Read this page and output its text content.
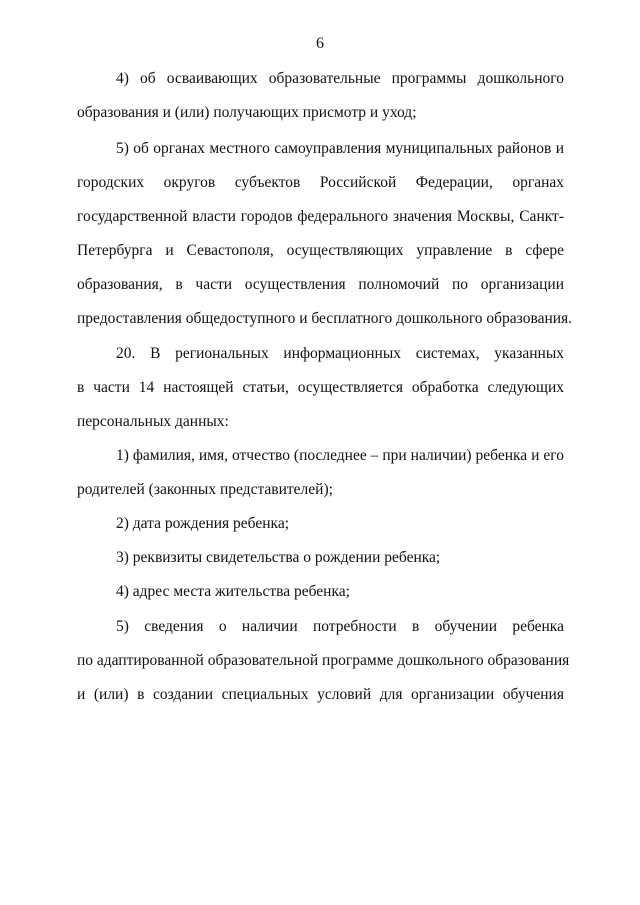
6
4) об осваивающих образовательные программы дошкольного
образования и (или) получающих присмотр и уход;
5) об органах местного самоуправления муниципальных районов и
городских округов субъектов Российской Федерации, органах
государственной власти городов федерального значения Москвы, Санкт-
Петербурга и Севастополя, осуществляющих управление в сфере
образования, в части осуществления полномочий по организации
предоставления общедоступного и бесплатного дошкольного образования.
20. В региональных информационных системах, указанных
в части 14 настоящей статьи, осуществляется обработка следующих
персональных данных:
1) фамилия, имя, отчество (последнее – при наличии) ребенка и его
родителей (законных представителей);
2) дата рождения ребенка;
3) реквизиты свидетельства о рождении ребенка;
4) адрес места жительства ребенка;
5) сведения о наличии потребности в обучении ребенка
по адаптированной образовательной программе дошкольного образования
и (или) в создании специальных условий для организации обучения
